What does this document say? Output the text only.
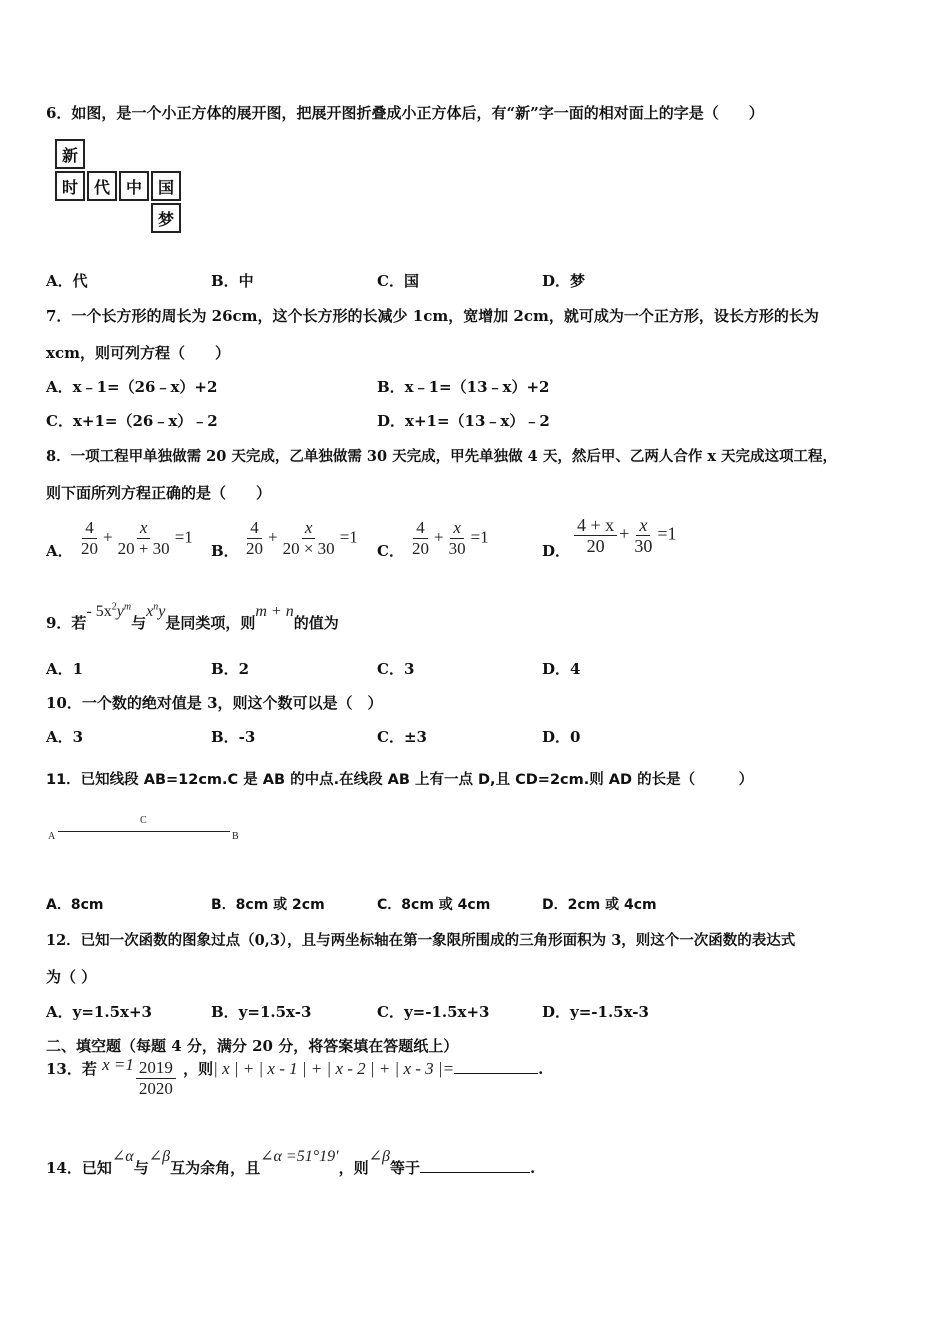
6．如图，是一个小正方体的展开图，把展开图折叠成小正方体后，有“新”字一面的相对面上的字是（　　）
新
时 代 中 国
梦
A．代	B．中	C．国	D．梦
7．一个长方形的周长为 26cm，这个长方形的长减少 1cm，宽增加 2cm，就可成为一个正方形，设长方形的长为
xcm，则可列方程（　　）
A．x﹣1=（26﹣x）+2	B．x﹣1=（13﹣x）+2
C．x+1=（26﹣x）﹣2	D．x+1=（13﹣x）﹣2
8．一项工程甲单独做需 20 天完成，乙单独做需 30 天完成，甲先单独做 4 天，然后甲、乙两人合作 x 天完成这项工程，
则下面所列方程正确的是（　　）
A． $\frac{4}{20} + \frac{x}{20 + 30} =1$
B． $\frac{4}{20} + \frac{x}{20 \times 30} =1$
C． $\frac{4}{20} + \frac{x}{30} =1$
D． $\frac{4 + x}{20} + \frac{x}{30} =1$
9．若- $5x^2y^m$与$x^ny$是同类项，则m + n的值为
A．1	B．2	C．3	D．4
10．一个数的绝对值是 3，则这个数可以是（　）
A．3	B．-3	C．±3	D．0
11．已知线段 AB=12cm.C 是 AB 的中点.在线段 AB 上有一点 D,且 CD=2cm.则 AD 的长是（　　　）
A
C
B
A．8cm	B．8cm 或 2cm	C．8cm 或 4cm	D．2cm 或 4cm
12．已知一次函数的图象过点（0,3），且与两坐标轴在第一象限所围成的三角形面积为 3，则这个一次函数的表达式
为（ ）
A．y=1.5x+3	B．y=1.5x-3	C．y=-1.5x+3	D．y=-1.5x-3
二、填空题（每题 4 分，满分 20 分，将答案填在答题纸上）
13．若 $x =1 \frac{2019}{2020}$ ，则| x | + | x - 1 | + | x - 2 | + | x - 3 |=	.
14．已知∠α与∠β互为余角，且∠α =51°19′，则∠β等于	.
